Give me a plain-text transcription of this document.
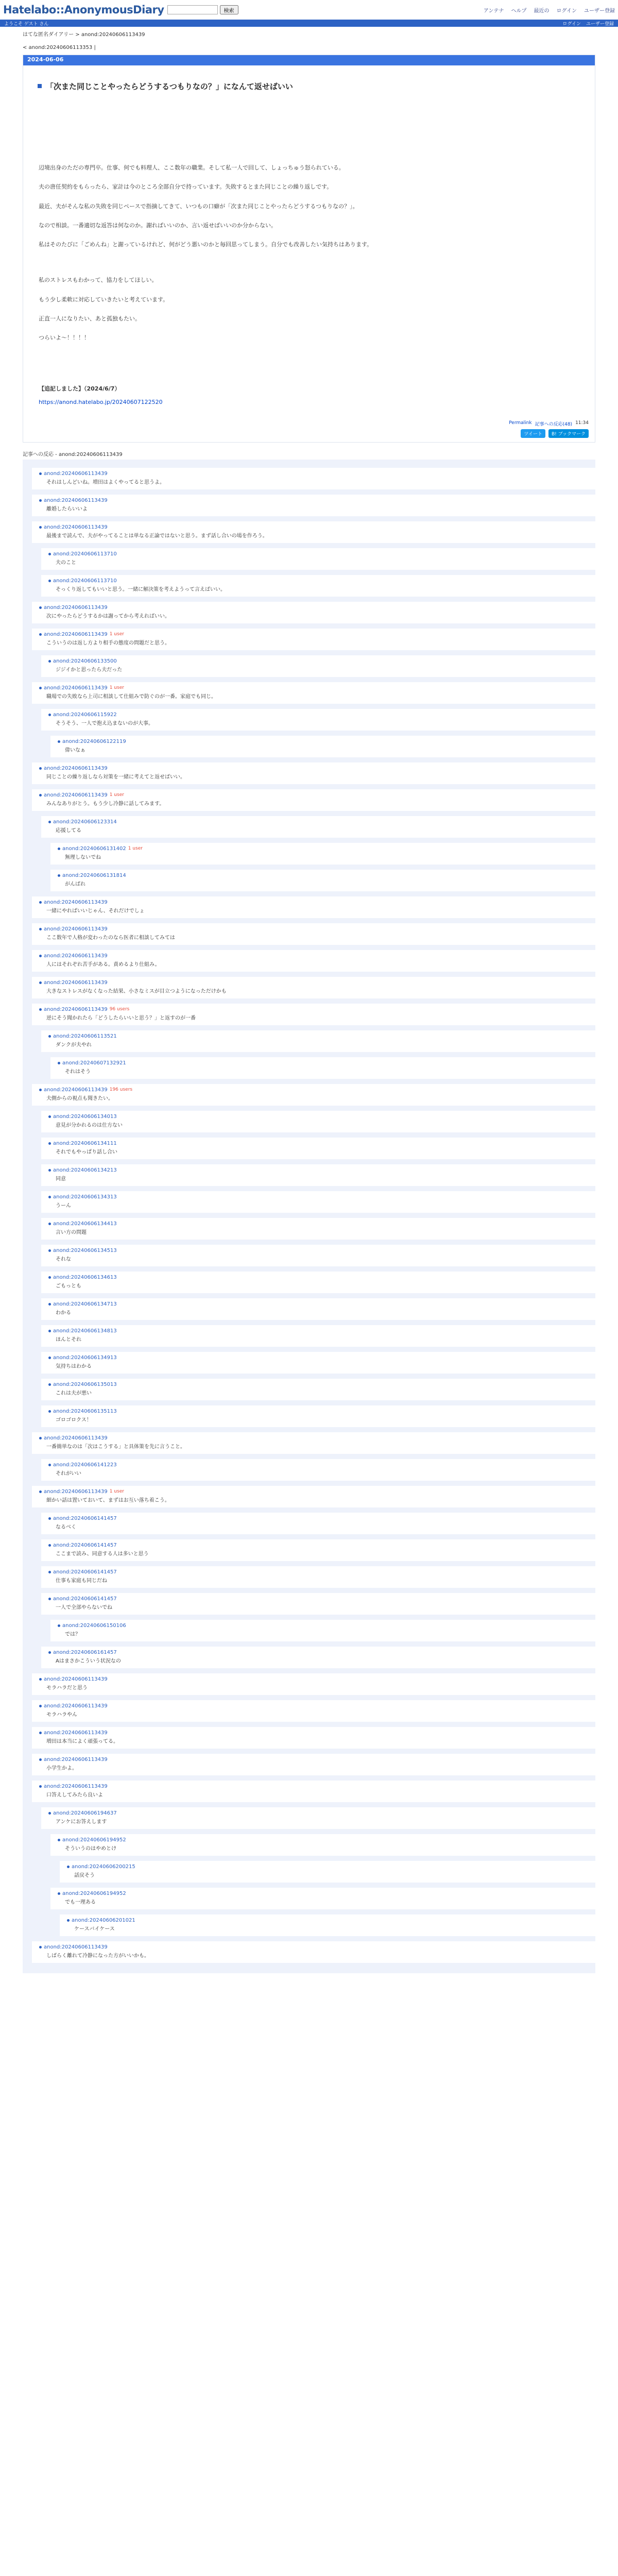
Hatelabo::AnonymousDiary	検索	アンテナ ヘルプ 最近の ログイン ユーザー登録
ようこそ ゲスト さん	ログイン ユーザー登録
はてな匿名ダイアリー > anond:20240606113439
< anond:20240606113353 |
2024-06-06
「次また同じことやったらどうするつもりなの？」になんて返せばいい

辺境出身のただの専門卒。仕事、何でも料理人、ここ数年の職業。そして私一人で回して、しょっちゅう怒られている。

夫の唐任契約をもらったら、家計は今のところ全部自分で持っています。失敗するとまた同じことの繰り返しです。

最近、夫がそんな私の失敗を同じペースで指摘してきて、いつもの口癖が「次また同じことやったらどうするつもりなの？」。

なので相談。一番適切な返答は何なのか。謝ればいいのか、言い返せばいいのか分からない。

私はそのたびに「ごめんね」と謝っているけれど、何がどう悪いのかと毎回思ってしまう。自分でも改善したい気持ちはあります。

私のストレスもわかって、協力をしてほしい。

もう少し柔軟に対応していきたいと考えています。

正直一人になりたい、あと孤独もたい。

つらいよ〜！！！！

【追記しました】（2024/6/7）

https://anond.hatelabo.jp/20240607122520

Permalink 記事への反応(48) 11:34
ツイート	B! ブックマーク
記事への反応 - anond:20240606113439
anond:20240606113439
それはしんどいね。増田はよくやってると思うよ。
anond:20240606113439
離婚したらいいよ
anond:20240606113439
最後まで読んで、夫がやってることは単なる正論ではないと思う。まず話し合いの場を作ろう。
anond:20240606113710
夫のこと
anond:20240606113710
そっくり返してもいいと思う。一緒に解決策を考えようって言えばいい。
anond:20240606113439
次にやったらどうするかは謝ってから考えればいい。
anond:20240606113439 1 user
こういうのは返し方より相手の態度の問題だと思う。
anond:20240606133500
ジジイかと思ったら夫だった
anond:20240606113439 1 user
職場での失敗なら上司に相談して仕組みで防ぐのが一番。家庭でも同じ。
anond:20240606115922
そうそう、一人で抱え込まないのが大事。
anond:20240606122119
偉いなぁ
anond:20240606113439
同じことの繰り返しなら対策を一緒に考えてと返せばいい。
anond:20240606113439 1 user
みんなありがとう。もう少し冷静に話してみます。
anond:20240606123314
応援してる
anond:20240606131402 1 user
無理しないでね
anond:20240606131814
がんばれ
anond:20240606113439
一緒にやればいいじゃん、それだけでしょ
anond:20240606113439
ここ数年で人格が変わったのなら医者に相談してみては
anond:20240606113439
人にはそれぞれ苦手がある。責めるより仕組み。
anond:20240606113439
大きなストレスがなくなった結果、小さなミスが目立つようになっただけかも
anond:20240606113439 96 users
逆にそう聞かれたら「どうしたらいいと思う？」と返すのが一番
anond:20240606113521
ダンクが夫やれ
anond:20240607132921
それはそう
anond:20240606113439 196 users
夫側からの視点も聞きたい。
anond:20240606134013
意見が分かれるのは仕方ない
anond:20240606134111
それでもやっぱり話し合い
anond:20240606134213
同意
anond:20240606134313
うーん
anond:20240606134413
言い方の問題
anond:20240606134513
それな
anond:20240606134613
ごもっとも
anond:20240606134713
わかる
anond:20240606134813
ほんとそれ
anond:20240606134913
気持ちはわかる
anond:20240606135013
これは夫が悪い
anond:20240606135113
ゴロゴロクス！
anond:20240606113439
一番簡単なのは「次はこうする」と具体策を先に言うこと。
anond:20240606141223
それがいい
anond:20240606113439 1 user
細かい話は置いておいて、まずはお互い落ち着こう。
anond:20240606141457
なるべく
anond:20240606141457
ここまで読み、同意する人は多いと思う
anond:20240606141457
仕事も家庭も同じだね
anond:20240606141457
一人で全部やらないでね
anond:20240606150106
では？
anond:20240606161457
Aはまさかこういう状況なの
anond:20240606113439
モラハラだと思う
anond:20240606113439
モラハラやん
anond:20240606113439
増田は本当によく頑張ってる。
anond:20240606113439
小学生かよ。
anond:20240606113439
口答えしてみたら良いよ
anond:20240606194637
アンケにお答えします
anond:20240606194952
そういうのはやめとけ
anond:20240606200215
話戻そう
anond:20240606194952
でも一理ある
anond:20240606201021
ケースバイケース
anond:20240606113439
しばらく離れて冷静になった方がいいかも。
